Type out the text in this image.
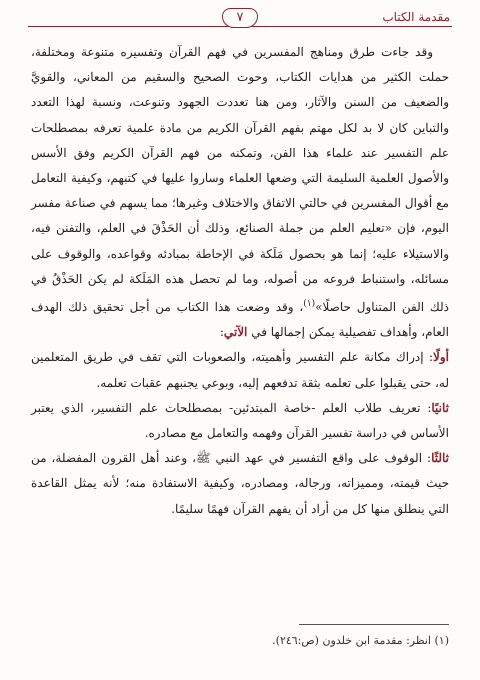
مقدمة الكتاب
٧

وقد جاءت طرق ومناهج المفسرين في فهم القرآن وتفسيره متنوعة ومختلفة، حملت الكثير من هدايات الكتاب، وحوت الصحيح والسقيم من المعاني، والقويَّ والضعيف من السنن والآثار، ومن هنا تعددت الجهود وتنوعت، ونسبة لهذا التعدد والتباين كان لا بد لكل مهتم بفهم القرآن الكريم من مادة علمية تعرفه بمصطلحات علم التفسير عند علماء هذا الفن، وتمكنه من فهم القرآن الكريم وفق الأسس والأصول العلمية السليمة التي وضعها العلماء وساروا عليها في كتبهم، وكيفية التعامل مع أقوال المفسرين في حالتي الاتفاق والاختلاف وغيرها؛ مما يسهم في صناعة مفسر اليوم، فإن «تعليم العلم من جملة الصنائع، وذلك أن الحَذْقَ في العلم، والتفنن فيه، والاستيلاء عليه؛ إنما هو بحصول مَلَكة في الإحاطة بمبادئه وقواعده، والوقوف على مسائله، واستنباط فروعه من أصوله، وما لم تحصل هذه المَلَكة لم يكن الحَذْقُ في ذلك الفن المتناول حاصلًا»$^{(١)}$، وقد وضعت هذا الكتاب من أجل تحقيق ذلك الهدف العام، وأهداف تفصيلية يمكن إجمالها في الآتي:

أولًا: إدراك مكانة علم التفسير وأهميته، والصعوبات التي تقف في طريق المتعلمين له، حتى يقبلوا على تعلمه بثقة تدفعهم إليه، وبوعي يجنبهم عقبات تعلمه.

ثانيًا: تعريف طلاب العلم -خاصة المبتدئين- بمصطلحات علم التفسير، الذي يعتبر الأساس في دراسة تفسير القرآن وفهمه والتعامل مع مصادره.

ثالثًا: الوقوف على واقع التفسير في عهد النبي ﷺ، وعند أهل القرون المفضلة، من حيث قيمته، ومميزاته، ورجاله، ومصادره، وكيفية الاستفادة منه؛ لأنه يمثل القاعدة التي ينطلق منها كل من أراد أن يفهم القرآن فهمًا سليمًا.

(١) انظر: مقدمة ابن خلدون (ص:٢٤٦).
